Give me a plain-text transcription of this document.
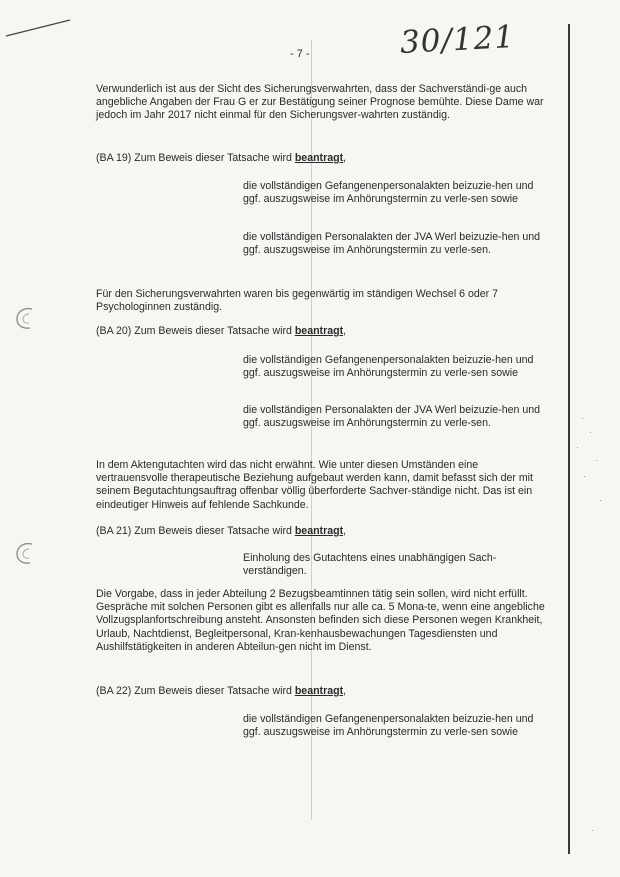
30/121
- 7 -

Verwunderlich ist aus der Sicht des Sicherungsverwahrten, dass der Sachverständi-ge auch angebliche Angaben der Frau G er zur Bestätigung seiner Prognose bemühte. Diese Dame war jedoch im Jahr 2017 nicht einmal für den Sicherungsver-wahrten zuständig.

(BA 19) Zum Beweis dieser Tatsache wird beantragt,

die vollständigen Gefangenenpersonalakten beizuzie-hen und ggf. auszugsweise im Anhörungstermin zu verle-sen sowie

die vollständigen Personalakten der JVA Werl beizuzie-hen und ggf. auszugsweise im Anhörungstermin zu verle-sen.

Für den Sicherungsverwahrten waren bis gegenwärtig im ständigen Wechsel 6 oder 7 Psychologinnen zuständig.

(BA 20) Zum Beweis dieser Tatsache wird beantragt,

die vollständigen Gefangenenpersonalakten beizuzie-hen und ggf. auszugsweise im Anhörungstermin zu verle-sen sowie

die vollständigen Personalakten der JVA Werl beizuzie-hen und ggf. auszugsweise im Anhörungstermin zu verle-sen.

In dem Aktengutachten wird das nicht erwähnt. Wie unter diesen Umständen eine vertrauensvolle therapeutische Beziehung aufgebaut werden kann, damit befasst sich der mit seinem Begutachtungsauftrag offenbar völlig überforderte Sachver-ständige nicht. Das ist ein eindeutiger Hinweis auf fehlende Sachkunde.

(BA 21) Zum Beweis dieser Tatsache wird beantragt,

Einholung des Gutachtens eines unabhängigen Sach-verständigen.

Die Vorgabe, dass in jeder Abteilung 2 Bezugsbeamtinnen tätig sein sollen, wird nicht erfüllt. Gespräche mit solchen Personen gibt es allenfalls nur alle ca. 5 Mona-te, wenn eine angebliche Vollzugsplanfortschreibung ansteht. Ansonsten befinden sich diese Personen wegen Krankheit, Urlaub, Nachtdienst, Begleitpersonal, Kran-kenhausbewachungen Tagesdiensten und Aushilfstätigkeiten in anderen Abteilun-gen nicht im Dienst.

(BA 22) Zum Beweis dieser Tatsache wird beantragt,

die vollständigen Gefangenenpersonalakten beizuzie-hen und ggf. auszugsweise im Anhörungstermin zu verle-sen sowie
